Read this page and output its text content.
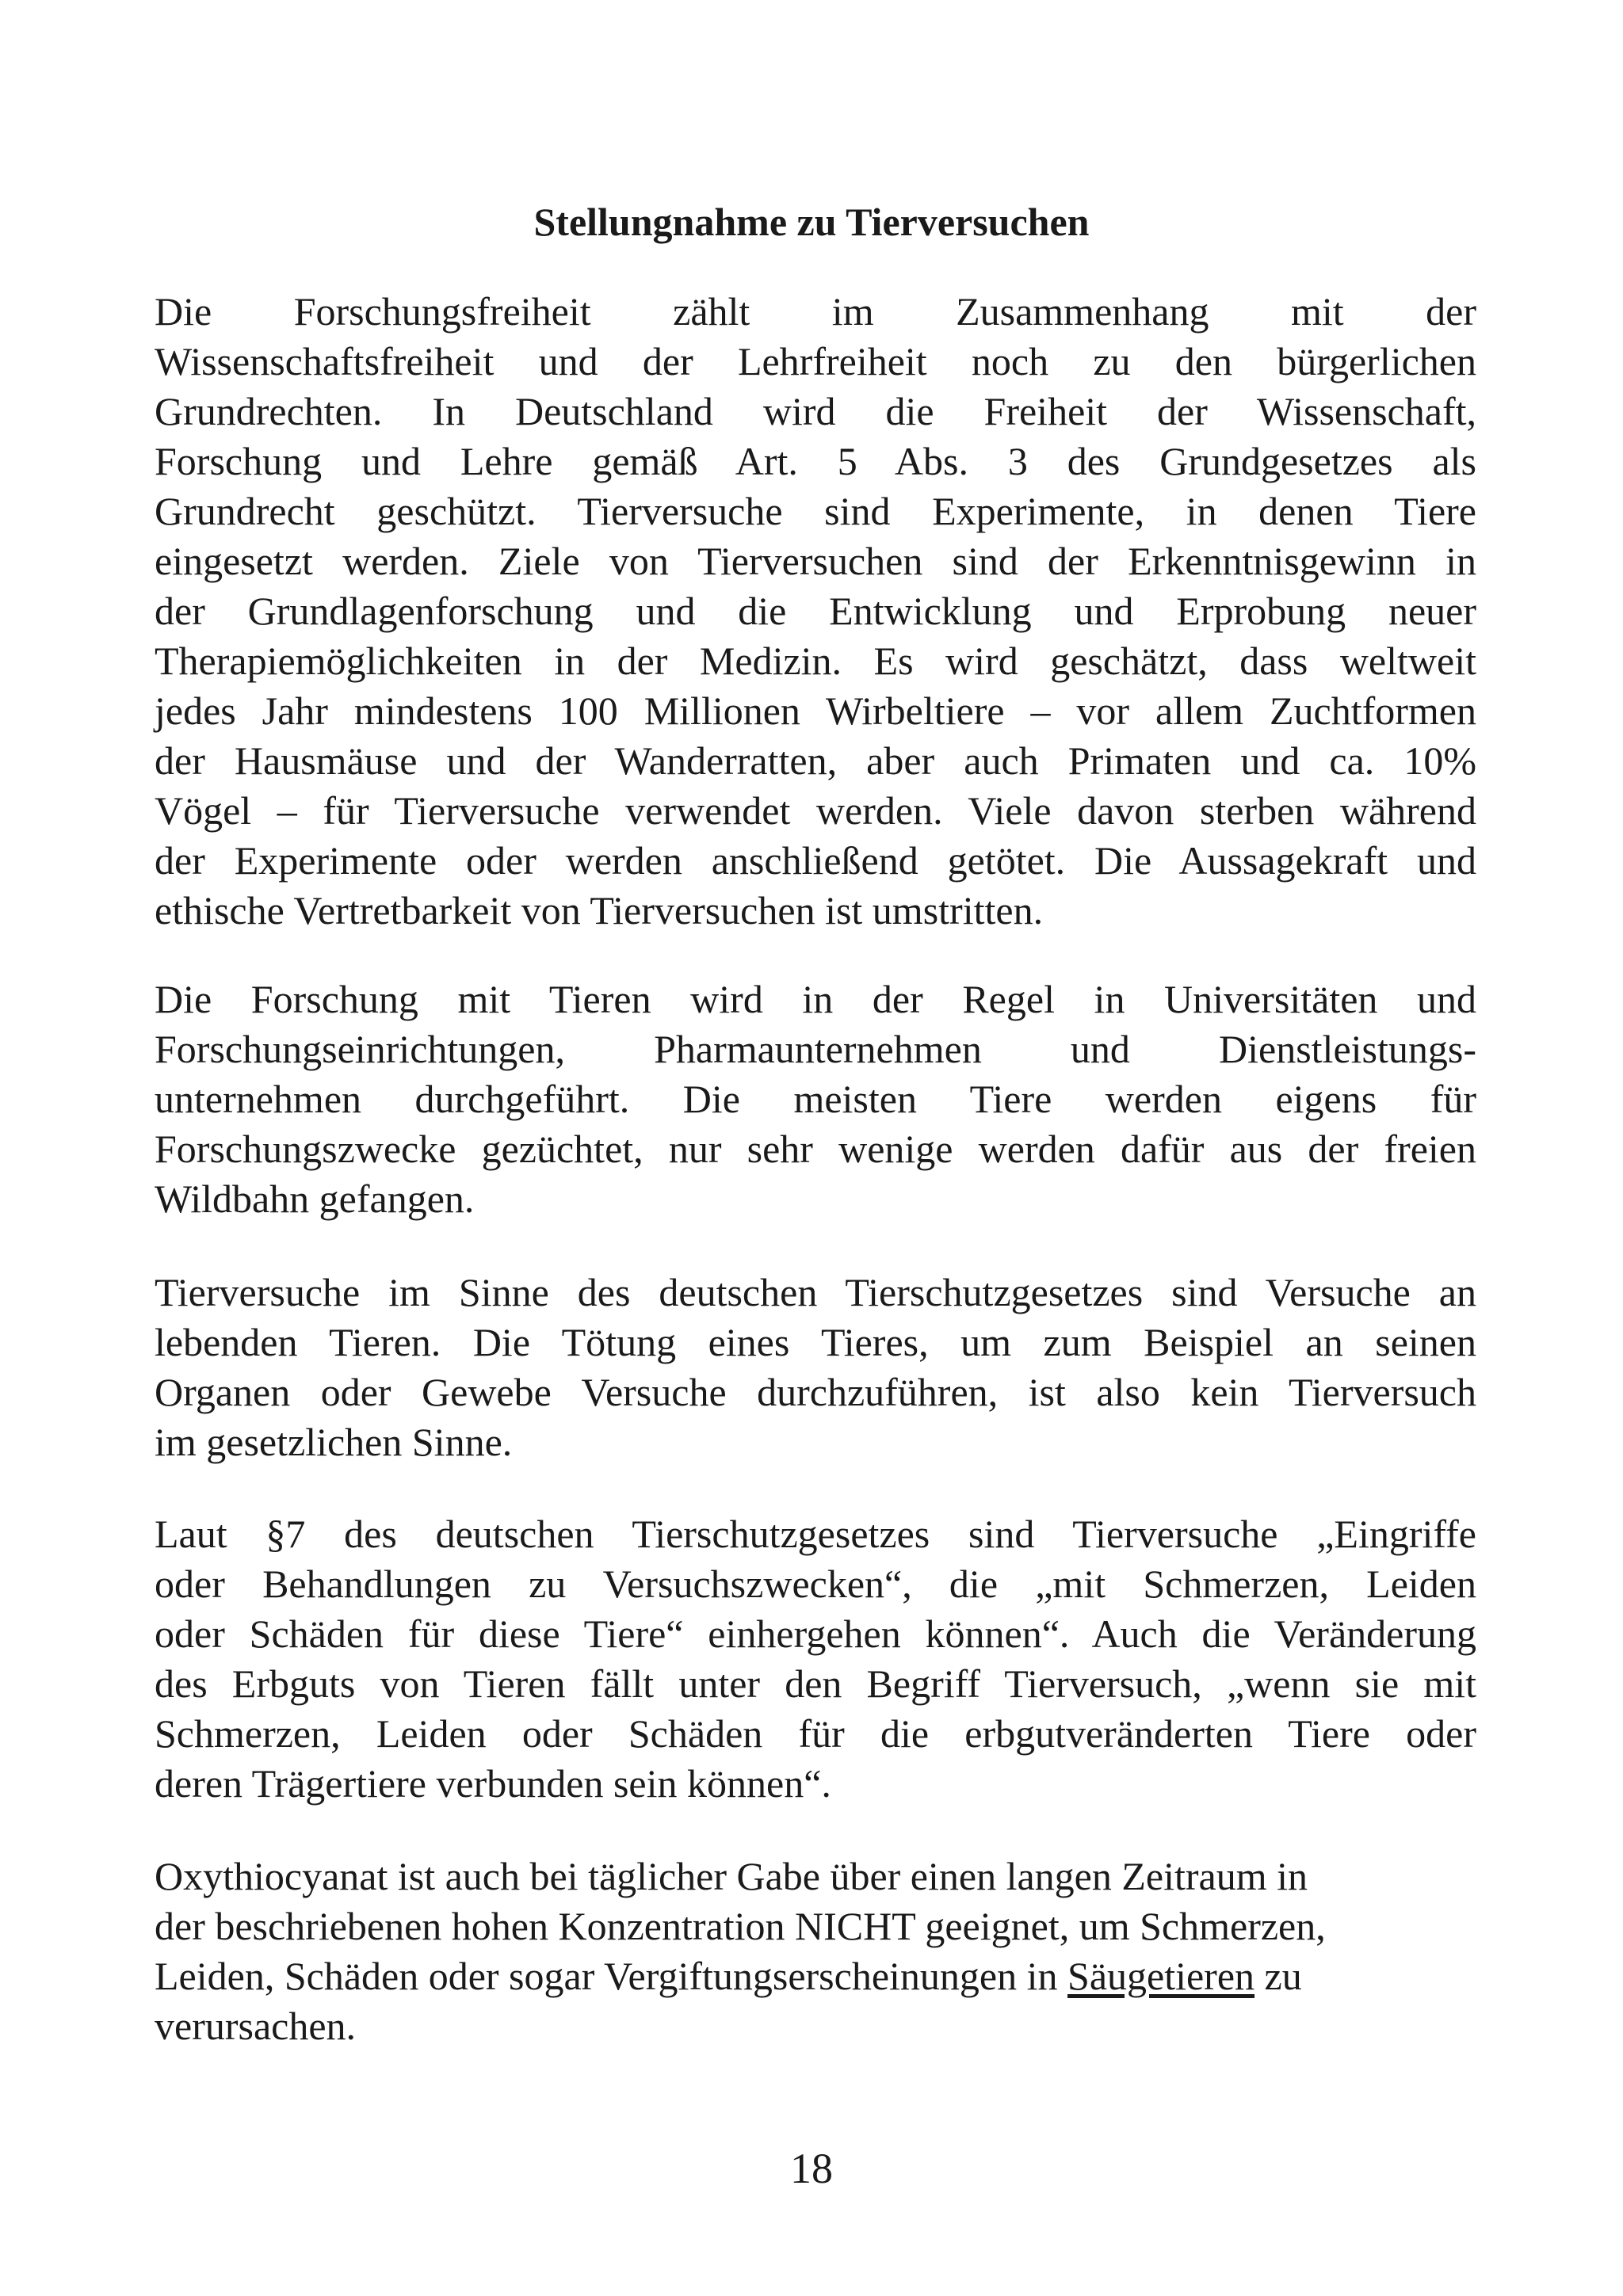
Stellungnahme zu Tierversuchen

Die Forschungsfreiheit zählt im Zusammenhang mit der
Wissenschaftsfreiheit und der Lehrfreiheit noch zu den bürgerlichen
Grundrechten. In Deutschland wird die Freiheit der Wissenschaft,
Forschung und Lehre gemäß Art. 5 Abs. 3 des Grundgesetzes als
Grundrecht geschützt. Tierversuche sind Experimente, in denen Tiere
eingesetzt werden. Ziele von Tierversuchen sind der Erkenntnisgewinn in
der Grundlagenforschung und die Entwicklung und Erprobung neuer
Therapiemöglichkeiten in der Medizin. Es wird geschätzt, dass weltweit
jedes Jahr mindestens 100 Millionen Wirbeltiere – vor allem Zuchtformen
der Hausmäuse und der Wanderratten, aber auch Primaten und ca. 10%
Vögel – für Tierversuche verwendet werden. Viele davon sterben während
der Experimente oder werden anschließend getötet. Die Aussagekraft und
ethische Vertretbarkeit von Tierversuchen ist umstritten.

Die Forschung mit Tieren wird in der Regel in Universitäten und
Forschungseinrichtungen, Pharmaunternehmen und Dienstleistungs-
unternehmen durchgeführt. Die meisten Tiere werden eigens für
Forschungszwecke gezüchtet, nur sehr wenige werden dafür aus der freien
Wildbahn gefangen.

Tierversuche im Sinne des deutschen Tierschutzgesetzes sind Versuche an
lebenden Tieren. Die Tötung eines Tieres, um zum Beispiel an seinen
Organen oder Gewebe Versuche durchzuführen, ist also kein Tierversuch
im gesetzlichen Sinne.

Laut §7 des deutschen Tierschutzgesetzes sind Tierversuche „Eingriffe
oder Behandlungen zu Versuchszwecken“, die „mit Schmerzen, Leiden
oder Schäden für diese Tiere“ einhergehen können“. Auch die Veränderung
des Erbguts von Tieren fällt unter den Begriff Tierversuch, „wenn sie mit
Schmerzen, Leiden oder Schäden für die erbgutveränderten Tiere oder
deren Trägertiere verbunden sein können“.

Oxythiocyanat ist auch bei täglicher Gabe über einen langen Zeitraum in
der beschriebenen hohen Konzentration NICHT geeignet, um Schmerzen,
Leiden, Schäden oder sogar Vergiftungserscheinungen in Säugetieren zu
verursachen.

18
